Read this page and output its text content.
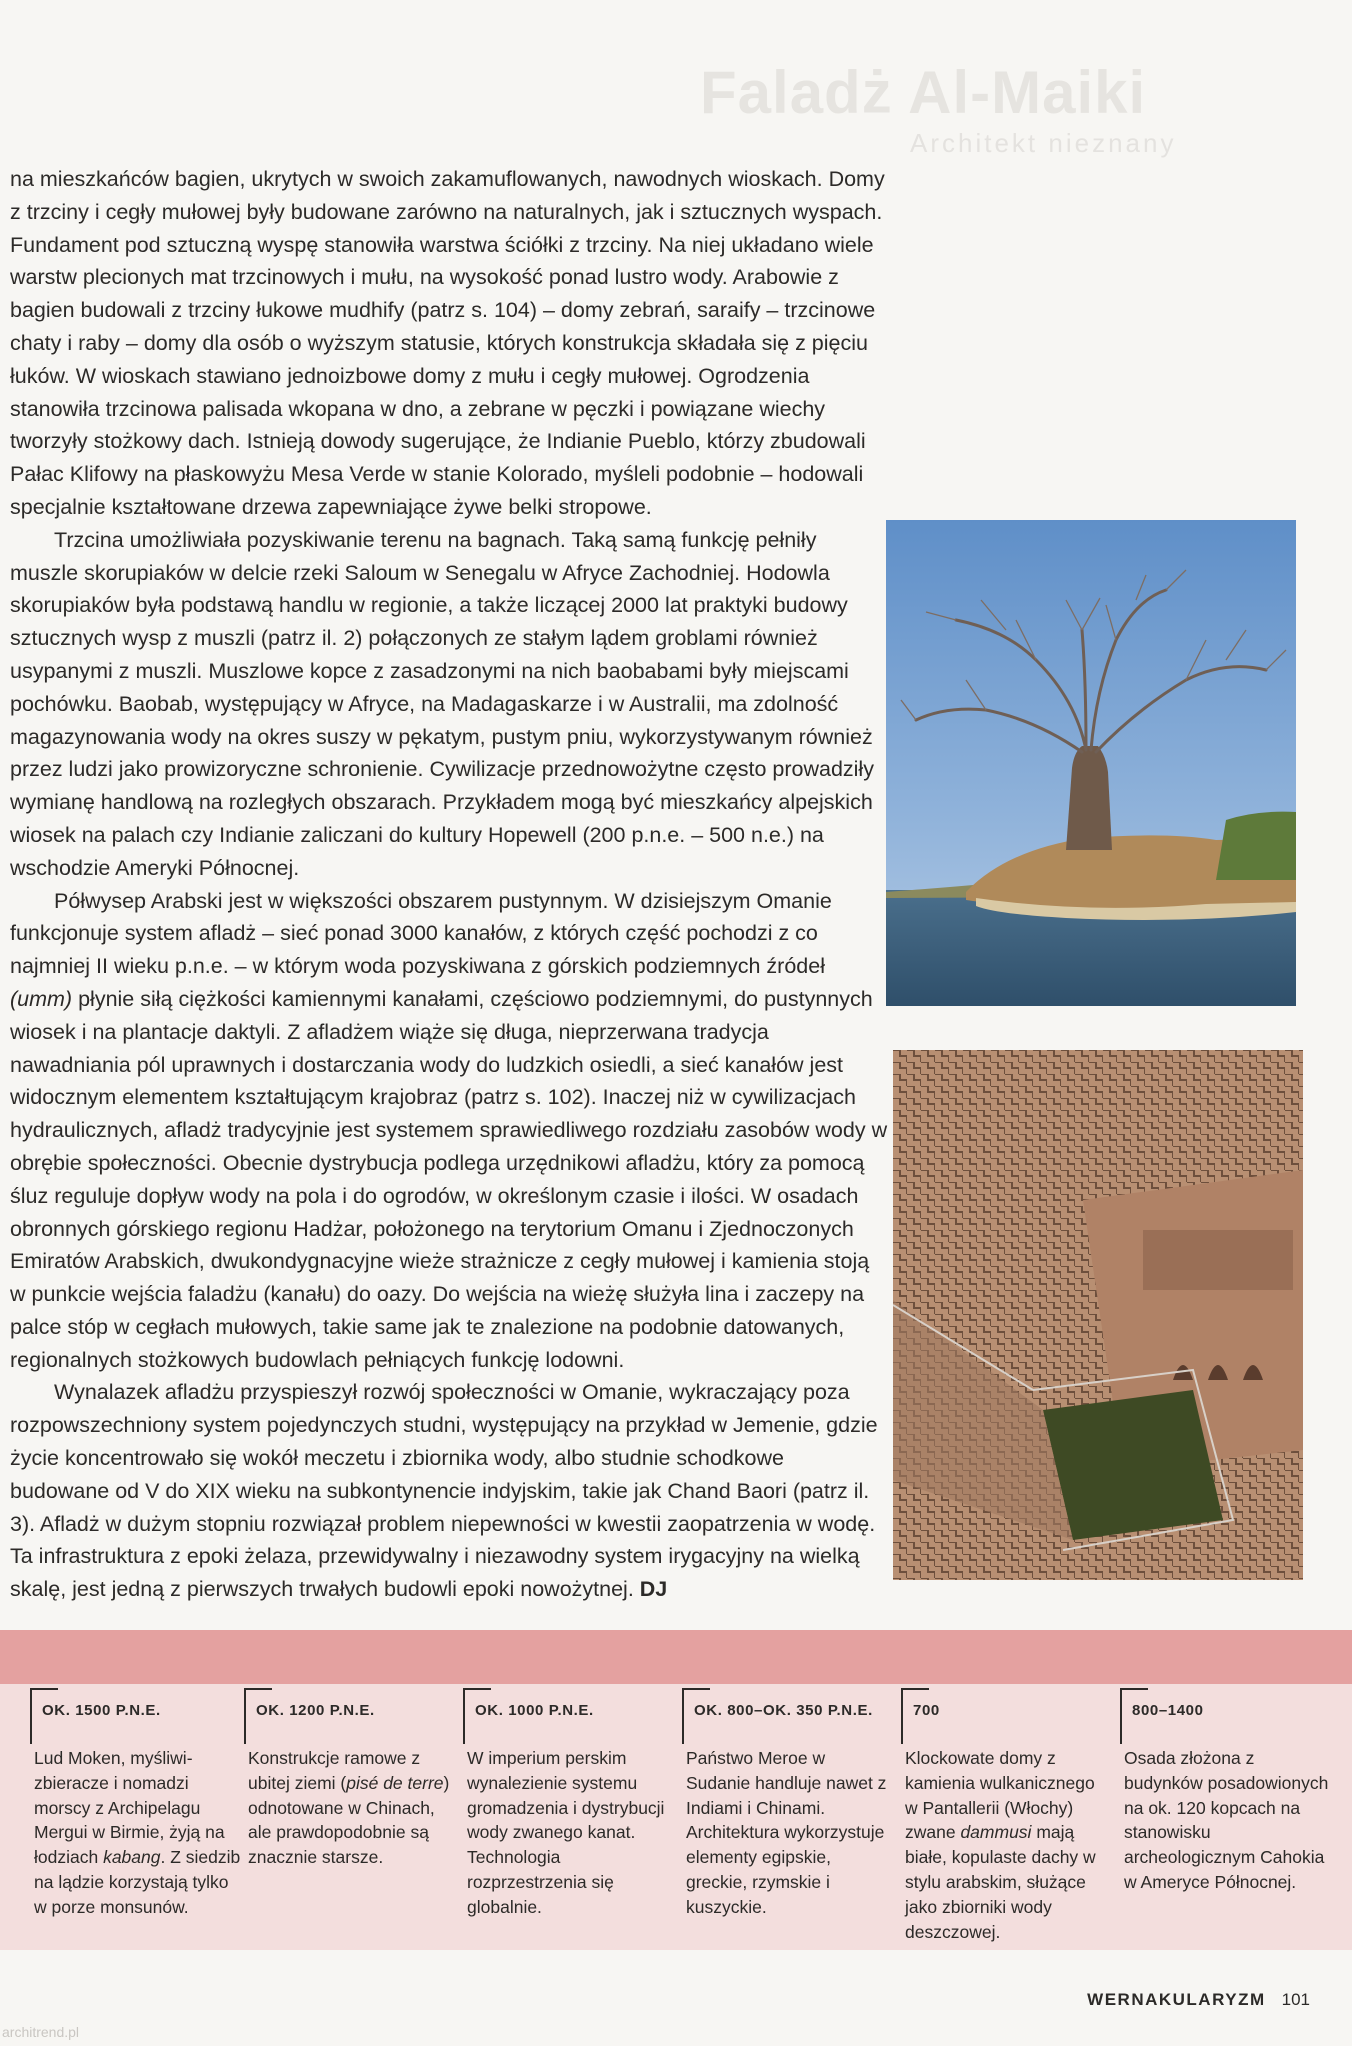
Faladż Al-Maiki
Architekt nieznany

na mieszkańców bagien, ukrytych w swoich zakamuflowanych, nawodnych wioskach. Domy z trzciny i cegły mułowej były budowane zarówno na naturalnych, jak i sztucznych wyspach. Fundament pod sztuczną wyspę stanowiła warstwa ściółki z trzciny. Na niej układano wiele warstw plecionych mat trzcinowych i mułu, na wysokość ponad lustro wody. Arabowie z bagien budowali z trzciny łukowe mudhify (patrz s. 104) – domy zebrań, saraify – trzcinowe chaty i raby – domy dla osób o wyższym statusie, których konstrukcja składała się z pięciu łuków. W wioskach stawiano jednoizbowe domy z mułu i cegły mułowej. Ogrodzenia stanowiła trzcinowa palisada wkopana w dno, a zebrane w pęczki i powiązane wiechy tworzyły stożkowy dach. Istnieją dowody sugerujące, że Indianie Pueblo, którzy zbudowali Pałac Klifowy na płaskowyżu Mesa Verde w stanie Kolorado, myśleli podobnie – hodowali specjalnie kształtowane drzewa zapewniające żywe belki stropowe.

Trzcina umożliwiała pozyskiwanie terenu na bagnach. Taką samą funkcję pełniły muszle skorupiaków w delcie rzeki Saloum w Senegalu w Afryce Zachodniej. Hodowla skorupiaków była podstawą handlu w regionie, a także liczącej 2000 lat praktyki budowy sztucznych wysp z muszli (patrz il. 2) połączonych ze stałym lądem groblami również usypanymi z muszli. Muszlowe kopce z zasadzonymi na nich baobabami były miejscami pochówku. Baobab, występujący w Afryce, na Madagaskarze i w Australii, ma zdolność magazynowania wody na okres suszy w pękatym, pustym pniu, wykorzystywanym również przez ludzi jako prowizoryczne schronienie. Cywilizacje przednowożytne często prowadziły wymianę handlową na rozległych obszarach. Przykładem mogą być mieszkańcy alpejskich wiosek na palach czy Indianie zaliczani do kultury Hopewell (200 p.n.e. – 500 n.e.) na wschodzie Ameryki Północnej.

Półwysep Arabski jest w większości obszarem pustynnym. W dzisiejszym Omanie funkcjonuje system afladż – sieć ponad 3000 kanałów, z których część pochodzi z co najmniej II wieku p.n.e. – w którym woda pozyskiwana z górskich podziemnych źródeł (umm) płynie siłą ciężkości kamiennymi kanałami, częściowo podziemnymi, do pustynnych wiosek i na plantacje daktyli. Z afladżem wiąże się długa, nieprzerwana tradycja nawadniania pól uprawnych i dostarczania wody do ludzkich osiedli, a sieć kanałów jest widocznym elementem kształtującym krajobraz (patrz s. 102). Inaczej niż w cywilizacjach hydraulicznych, afladż tradycyjnie jest systemem sprawiedliwego rozdziału zasobów wody w obrębie społeczności. Obecnie dystrybucja podlega urzędnikowi afladżu, który za pomocą śluz reguluje dopływ wody na pola i do ogrodów, w określonym czasie i ilości. W osadach obronnych górskiego regionu Hadżar, położonego na terytorium Omanu i Zjednoczonych Emiratów Arabskich, dwukondygnacyjne wieże strażnicze z cegły mułowej i kamienia stoją w punkcie wejścia faladżu (kanału) do oazy. Do wejścia na wieżę służyła lina i zaczepy na palce stóp w cegłach mułowych, takie same jak te znalezione na podobnie datowanych, regionalnych stożkowych budowlach pełniących funkcję lodowni.

Wynalazek afladżu przyspieszył rozwój społeczności w Omanie, wykraczający poza rozpowszechniony system pojedynczych studni, występujący na przykład w Jemenie, gdzie życie koncentrowało się wokół meczetu i zbiornika wody, albo studnie schodkowe budowane od V do XIX wieku na subkontynencie indyjskim, takie jak Chand Baori (patrz il. 3). Afladż w dużym stopniu rozwiązał problem niepewności w kwestii zaopatrzenia w wodę. Ta infrastruktura z epoki żelaza, przewidywalny i niezawodny system irygacyjny na wielką skalę, jest jedną z pierwszych trwałych budowli epoki nowożytnej. DJ

OK. 1500 P.N.E.
Lud Moken, myśliwi-zbieracze i nomadzi morscy z Archipelagu Mergui w Birmie, żyją na łodziach kabang. Z siedzib na lądzie korzystają tylko w porze monsunów.
OK. 1200 P.N.E.
Konstrukcje ramowe z ubitej ziemi (pisé de terre) odnotowane w Chinach, ale prawdopodobnie są znacznie starsze.
OK. 1000 P.N.E.
W imperium perskim wynalezienie systemu gromadzenia i dystrybucji wody zwanego kanat. Technologia rozprzestrzenia się globalnie.
OK. 800–OK. 350 P.N.E.
Państwo Meroe w Sudanie handluje nawet z Indiami i Chinami. Architektura wykorzystuje elementy egipskie, greckie, rzymskie i kuszyckie.
700
Klockowate domy z kamienia wulkanicznego w Pantallerii (Włochy) zwane dammusi mają białe, kopulaste dachy w stylu arabskim, służące jako zbiorniki wody deszczowej.
800–1400
Osada złożona z budynków posadowionych na ok. 120 kopcach na stanowisku archeologicznym Cahokia w Ameryce Północnej.
WERNAKULARYZM 101
architrend.pl
